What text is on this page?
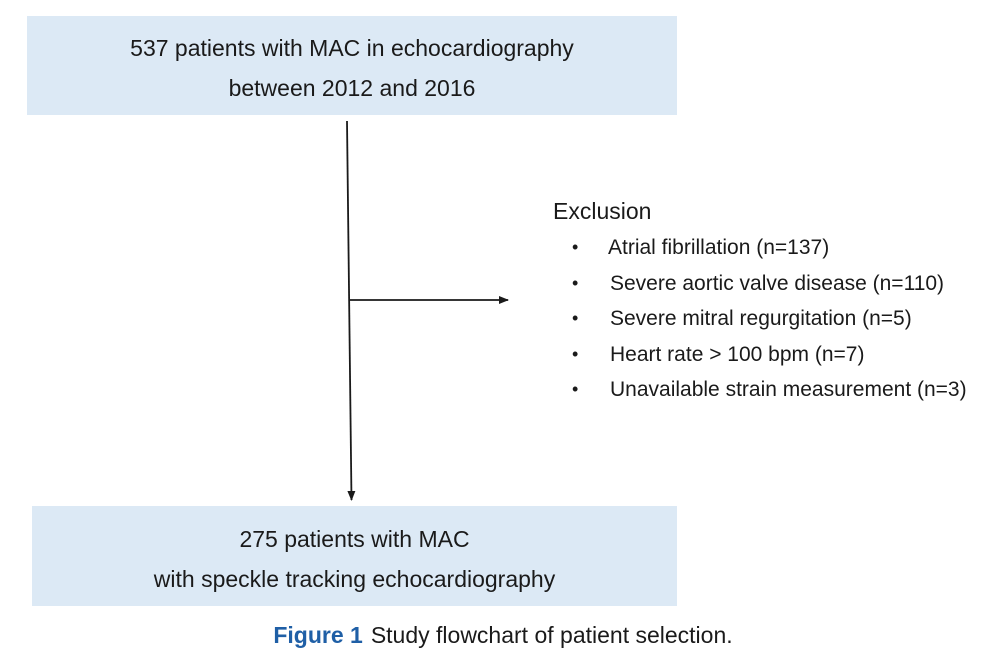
537 patients with MAC in echocardiography
between 2012 and 2016
Exclusion
• Atrial fibrillation (n=137)
• Severe aortic valve disease (n=110)
• Severe mitral regurgitation (n=5)
• Heart rate > 100 bpm (n=7)
• Unavailable strain measurement (n=3)
275 patients with MAC
with speckle tracking echocardiography
Figure 1 Study flowchart of patient selection.
